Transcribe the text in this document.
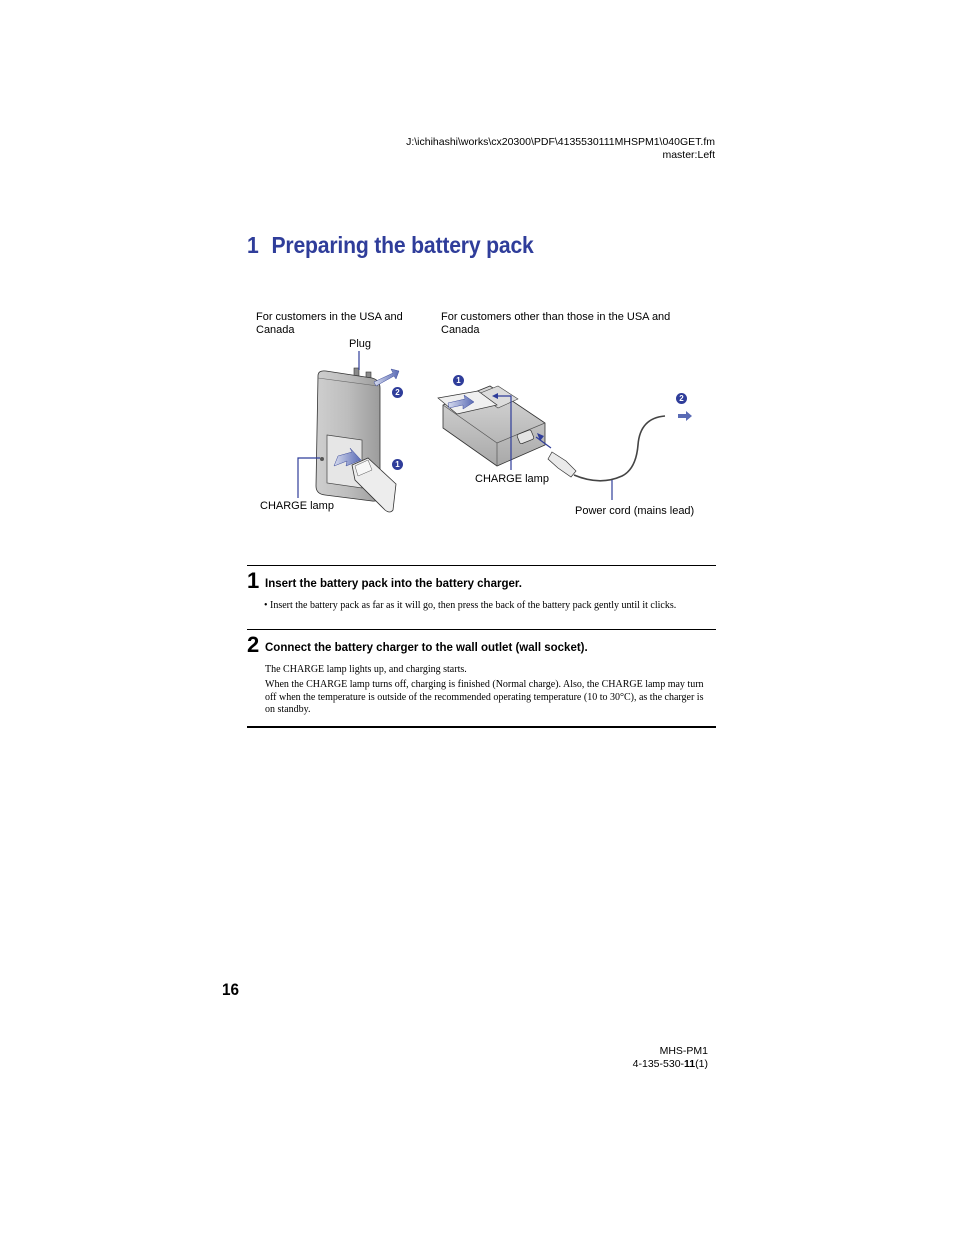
J:\ichihashi\works\cx20300\PDF\4135530111MHSPM1\040GET.fm
master:Left
1 Preparing the battery pack
For customers in the USA and Canada
For customers other than those in the USA and Canada
Plug
CHARGE lamp
CHARGE lamp
Power cord (mains lead)
2
1
1
2
1 Insert the battery pack into the battery charger.
• Insert the battery pack as far as it will go, then press the back of the battery pack gently until it clicks.
2 Connect the battery charger to the wall outlet (wall socket).
The CHARGE lamp lights up, and charging starts.
When the CHARGE lamp turns off, charging is finished (Normal charge). Also, the CHARGE lamp may turn off when the temperature is outside of the recommended operating temperature (10 to 30°C), as the charger is on standby.
16
MHS-PM1
4-135-530-11(1)
